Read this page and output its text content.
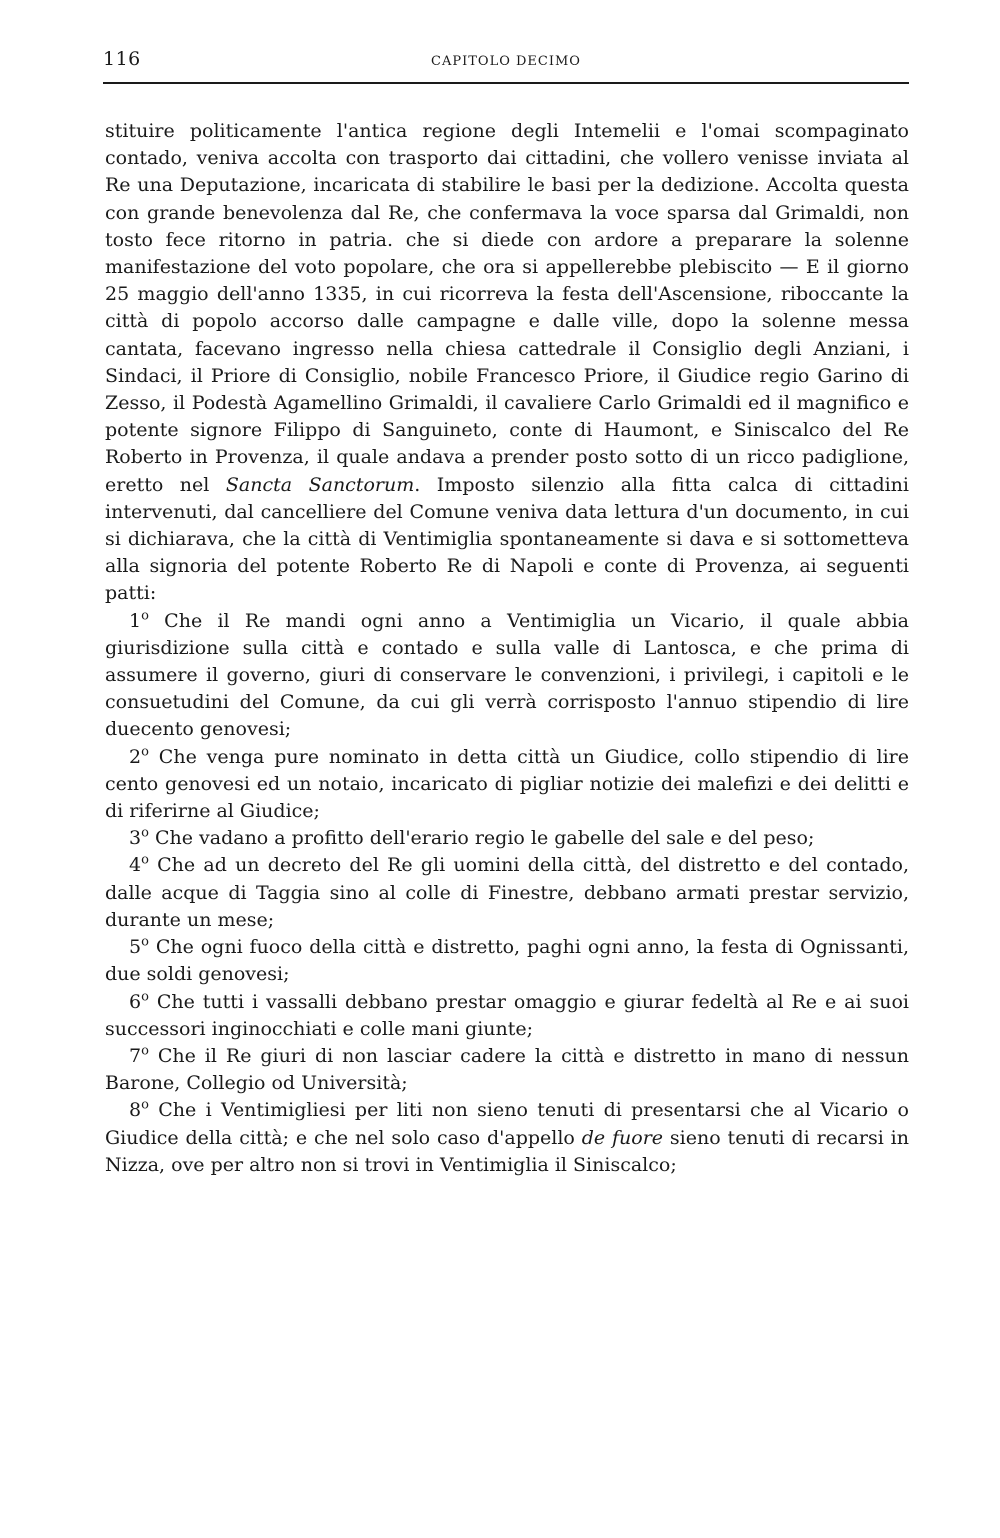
116	CAPITOLO DECIMO

stituire politicamente l'antica regione degli Intemelii e l'omai scompaginato contado, veniva accolta con trasporto dai cittadini, che vollero venisse inviata al Re una Deputazione, incaricata di stabilire le basi per la dedizione. Accolta questa con grande benevolenza dal Re, che confermava la voce sparsa dal Grimaldi, non tosto fece ritorno in patria. che si diede con ardore a preparare la solenne manifestazione del voto popolare, che ora si appellerebbe plebiscito — E il giorno 25 maggio dell'anno 1335, in cui ricorreva la festa dell'Ascensione, riboccante la città di popolo accorso dalle campagne e dalle ville, dopo la solenne messa cantata, facevano ingresso nella chiesa cattedrale il Consiglio degli Anziani, i Sindaci, il Priore di Consiglio, nobile Francesco Priore, il Giudice regio Garino di Zesso, il Podestà Agamellino Grimaldi, il cavaliere Carlo Grimaldi ed il magnifico e potente signore Filippo di Sanguineto, conte di Haumont, e Siniscalco del Re Roberto in Provenza, il quale andava a prender posto sotto di un ricco padiglione, eretto nel Sancta Sanctorum. Imposto silenzio alla fitta calca di cittadini intervenuti, dal cancelliere del Comune veniva data lettura d'un documento, in cui si dichiarava, che la città di Ventimiglia spontaneamente si dava e si sottometteva alla signoria del potente Roberto Re di Napoli e conte di Provenza, ai seguenti patti:

1$^o$ Che il Re mandi ogni anno a Ventimiglia un Vicario, il quale abbia giurisdizione sulla città e contado e sulla valle di Lantosca, e che prima di assumere il governo, giuri di conservare le convenzioni, i privilegi, i capitoli e le consuetudini del Comune, da cui gli verrà corrisposto l'annuo stipendio di lire duecento genovesi;

2$^o$ Che venga pure nominato in detta città un Giudice, collo stipendio di lire cento genovesi ed un notaio, incaricato di pigliar notizie dei malefizi e dei delitti e di riferirne al Giudice;

3$^o$ Che vadano a profitto dell'erario regio le gabelle del sale e del peso;

4$^o$ Che ad un decreto del Re gli uomini della città, del distretto e del contado, dalle acque di Taggia sino al colle di Finestre, debbano armati prestar servizio, durante un mese;

5$^o$ Che ogni fuoco della città e distretto, paghi ogni anno, la festa di Ognissanti, due soldi genovesi;

6$^o$ Che tutti i vassalli debbano prestar omaggio e giurar fedeltà al Re e ai suoi successori inginocchiati e colle mani giunte;

7$^o$ Che il Re giuri di non lasciar cadere la città e distretto in mano di nessun Barone, Collegio od Università;

8$^o$ Che i Ventimigliesi per liti non sieno tenuti di presentarsi che al Vicario o Giudice della città; e che nel solo caso d'appello de fuore sieno tenuti di recarsi in Nizza, ove per altro non si trovi in Ventimiglia il Siniscalco;
